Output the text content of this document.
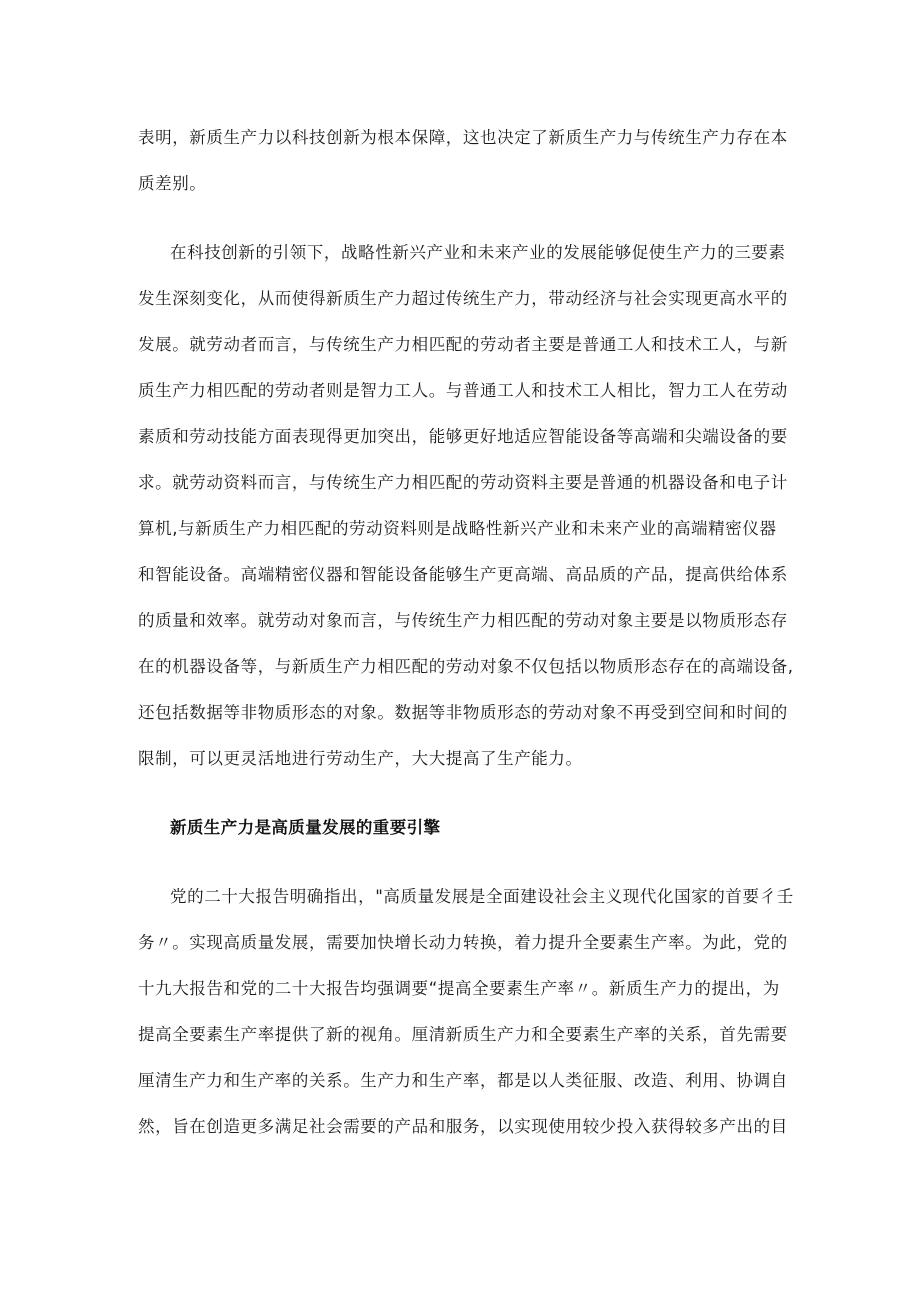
表明，新质生产力以科技创新为根本保障，这也决定了新质生产力与传统生产力存在本
质差别。
在科技创新的引领下，战略性新兴产业和未来产业的发展能够促使生产力的三要素
发生深刻变化，从而使得新质生产力超过传统生产力，带动经济与社会实现更高水平的
发展。就劳动者而言，与传统生产力相匹配的劳动者主要是普通工人和技术工人，与新
质生产力相匹配的劳动者则是智力工人。与普通工人和技术工人相比，智力工人在劳动
素质和劳动技能方面表现得更加突出，能够更好地适应智能设备等高端和尖端设备的要
求。就劳动资料而言，与传统生产力相匹配的劳动资料主要是普通的机器设备和电子计
算机,与新质生产力相匹配的劳动资料则是战略性新兴产业和未来产业的高端精密仪器
和智能设备。高端精密仪器和智能设备能够生产更高端、高品质的产品，提高供给体系
的质量和效率。就劳动对象而言，与传统生产力相匹配的劳动对象主要是以物质形态存
在的机器设备等，与新质生产力相匹配的劳动对象不仅包括以物质形态存在的高端设备,
还包括数据等非物质形态的对象。数据等非物质形态的劳动对象不再受到空间和时间的
限制，可以更灵活地进行劳动生产，大大提高了生产能力。
新质生产力是高质量发展的重要引擎
党的二十大报告明确指出，"高质量发展是全面建设社会主义现代化国家的首要彳壬
务〃。实现高质量发展，需要加快增长动力转换，着力提升全要素生产率。为此，党的
十九大报告和党的二十大报告均强调要“提高全要素生产率〃。新质生产力的提出，为
提高全要素生产率提供了新的视角。厘清新质生产力和全要素生产率的关系，首先需要
厘清生产力和生产率的关系。生产力和生产率，都是以人类征服、改造、利用、协调自
然，旨在创造更多满足社会需要的产品和服务，以实现使用较少投入获得较多产出的目
